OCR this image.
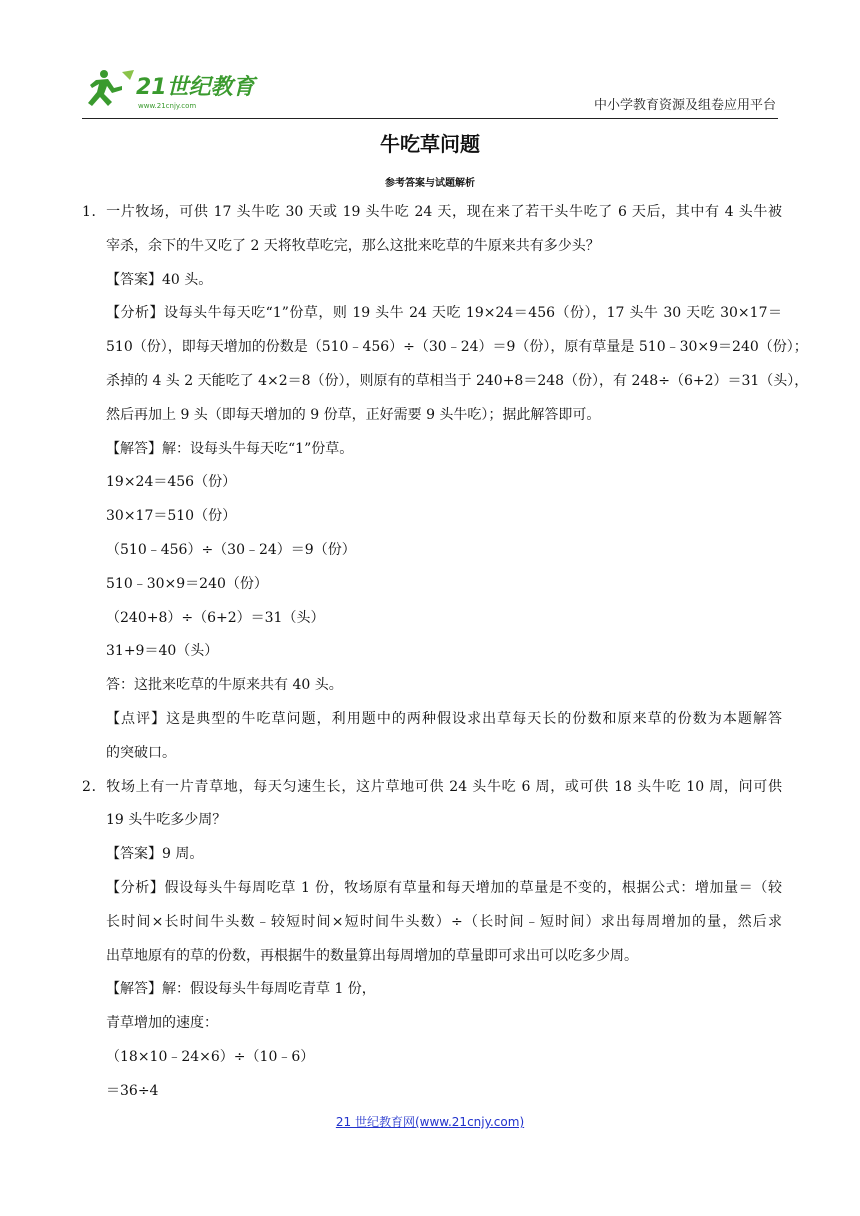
21世纪教育
www.21cnjy.com	中小学教育资源及组卷应用平台
牛吃草问题
参考答案与试题解析
1．一片牧场，可供 17 头牛吃 30 天或 19 头牛吃 24 天，现在来了若干头牛吃了 6 天后，其中有 4 头牛被
宰杀，余下的牛又吃了 2 天将牧草吃完，那么这批来吃草的牛原来共有多少头？
【答案】40 头。
【分析】设每头牛每天吃“1”份草，则 19 头牛 24 天吃 19×24＝456（份），17 头牛 30 天吃 30×17＝
510（份），即每天增加的份数是（510﹣456）÷（30﹣24）＝9（份），原有草量是 510﹣30×9＝240（份）；
杀掉的 4 头 2 天能吃了 4×2＝8（份），则原有的草相当于 240+8＝248（份），有 248÷（6+2）＝31（头），
然后再加上 9 头（即每天增加的 9 份草，正好需要 9 头牛吃）；据此解答即可。
【解答】解：设每头牛每天吃“1”份草。
19×24＝456（份）
30×17＝510（份）
（510﹣456）÷（30﹣24）＝9（份）
510﹣30×9＝240（份）
（240+8）÷（6+2）＝31（头）
31+9＝40（头）
答：这批来吃草的牛原来共有 40 头。
【点评】这是典型的牛吃草问题，利用题中的两种假设求出草每天长的份数和原来草的份数为本题解答
的突破口。
2．牧场上有一片青草地，每天匀速生长，这片草地可供 24 头牛吃 6 周，或可供 18 头牛吃 10 周，问可供
19 头牛吃多少周？
【答案】9 周。
【分析】假设每头牛每周吃草 1 份，牧场原有草量和每天增加的草量是不变的，根据公式：增加量＝（较
长时间×长时间牛头数﹣较短时间×短时间牛头数）÷（长时间﹣短时间）求出每周增加的量，然后求
出草地原有的草的份数，再根据牛的数量算出每周增加的草量即可求出可以吃多少周。
【解答】解：假设每头牛每周吃青草 1 份，
青草增加的速度：
（18×10﹣24×6）÷（10﹣6）
＝36÷4
21 世纪教育网(www.21cnjy.com)
